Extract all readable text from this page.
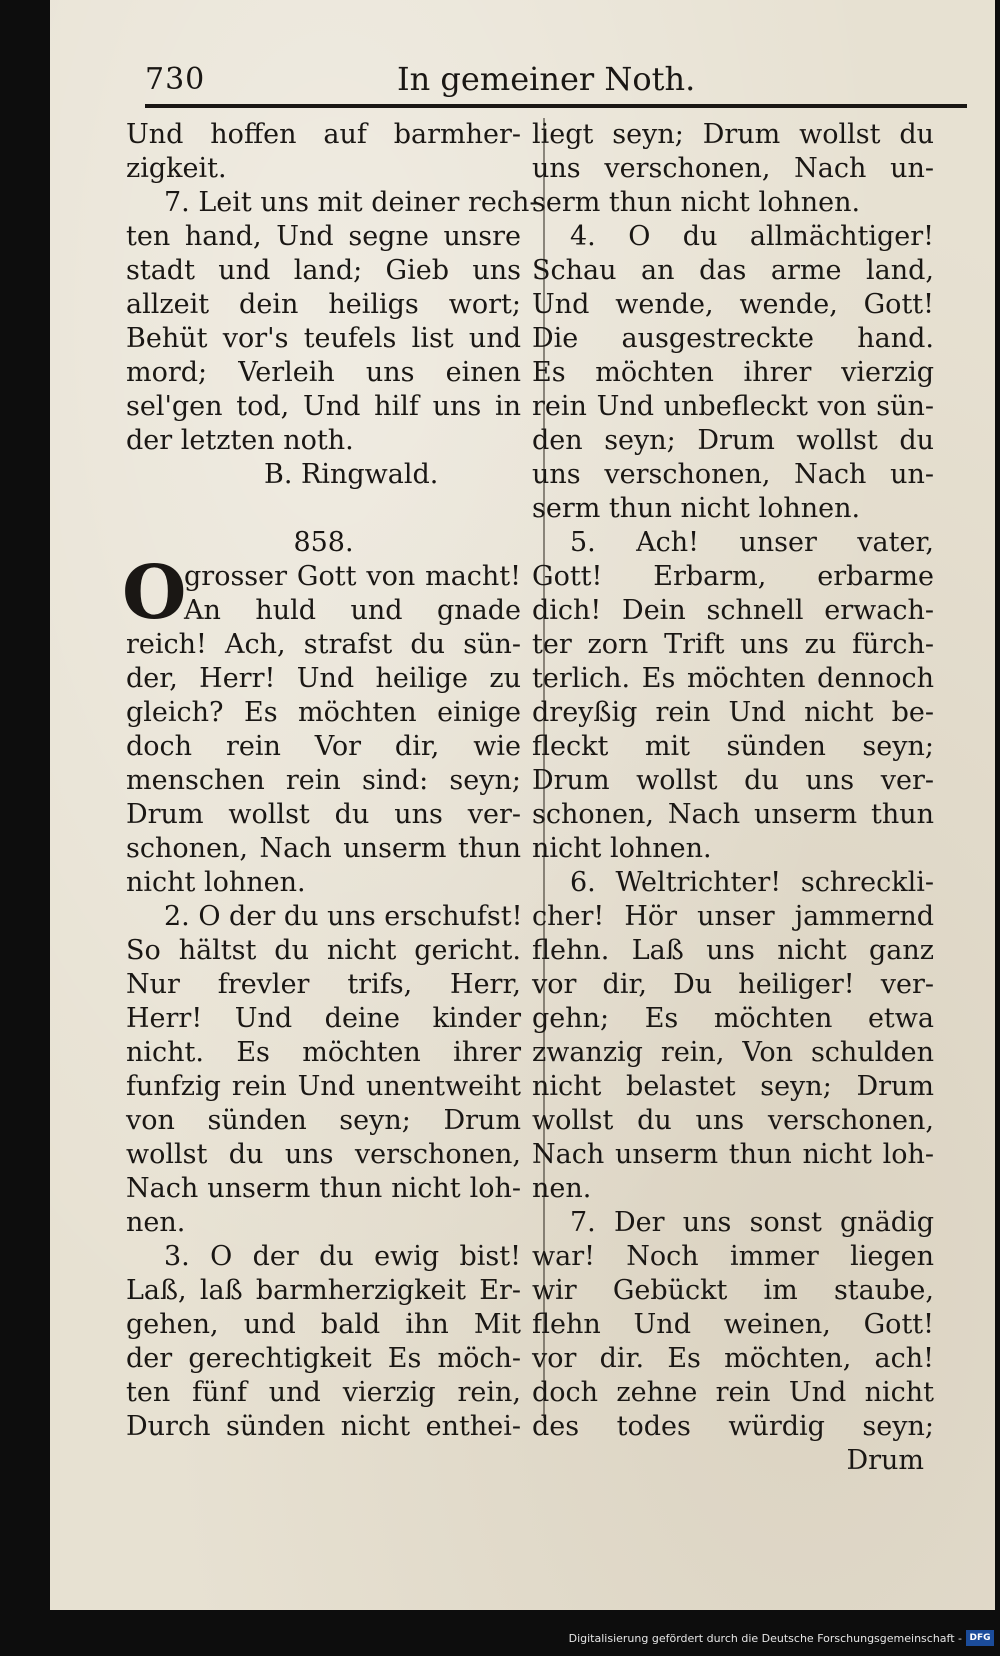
730	In gemeiner Noth.
Und hoffen auf barmher-
zigkeit.
7. Leit uns mit deiner rech-
ten hand, Und segne unsre
stadt und land; Gieb uns
allzeit dein heiligs wort;
Behüt vor's teufels list und
mord; Verleih uns einen
sel'gen tod, Und hilf uns in
der letzten noth.
B. Ringwald.
858.
O
grosser Gott von macht!
An huld und gnade
reich! Ach, strafst du sün-
der, Herr! Und heilige zu
gleich? Es möchten einige
doch rein Vor dir, wie
menschen rein sind: seyn;
Drum wollst du uns ver-
schonen, Nach unserm thun
nicht lohnen.
2. O der du uns erschufst!
So hältst du nicht gericht.
Nur frevler trifs, Herr,
Herr! Und deine kinder
nicht. Es möchten ihrer
funfzig rein Und unentweiht
von sünden seyn; Drum
wollst du uns verschonen,
Nach unserm thun nicht loh-
nen.
3. O der du ewig bist!
Laß, laß barmherzigkeit Er-
gehen, und bald ihn Mit
der gerechtigkeit Es möch-
ten fünf und vierzig rein,
Durch sünden nicht enthei-
liegt seyn; Drum wollst du
uns verschonen, Nach un-
serm thun nicht lohnen.
4. O du allmächtiger!
Schau an das arme land,
Und wende, wende, Gott!
Die ausgestreckte hand.
Es möchten ihrer vierzig
rein Und unbefleckt von sün-
den seyn; Drum wollst du
uns verschonen, Nach un-
serm thun nicht lohnen.
5. Ach! unser vater,
Gott! Erbarm, erbarme
dich! Dein schnell erwach-
ter zorn Trift uns zu fürch-
terlich. Es möchten dennoch
dreyßig rein Und nicht be-
fleckt mit sünden seyn;
Drum wollst du uns ver-
schonen, Nach unserm thun
nicht lohnen.
6. Weltrichter! schreckli-
cher! Hör unser jammernd
flehn. Laß uns nicht ganz
vor dir, Du heiliger! ver-
gehn; Es möchten etwa
zwanzig rein, Von schulden
nicht belastet seyn; Drum
wollst du uns verschonen,
Nach unserm thun nicht loh-
nen.
7. Der uns sonst gnädig
war! Noch immer liegen
wir Gebückt im staube,
flehn Und weinen, Gott!
vor dir. Es möchten, ach!
doch zehne rein Und nicht
des todes würdig seyn;
Drum
Digitalisierung gefördert durch die Deutsche Forschungsgemeinschaft - DFG
